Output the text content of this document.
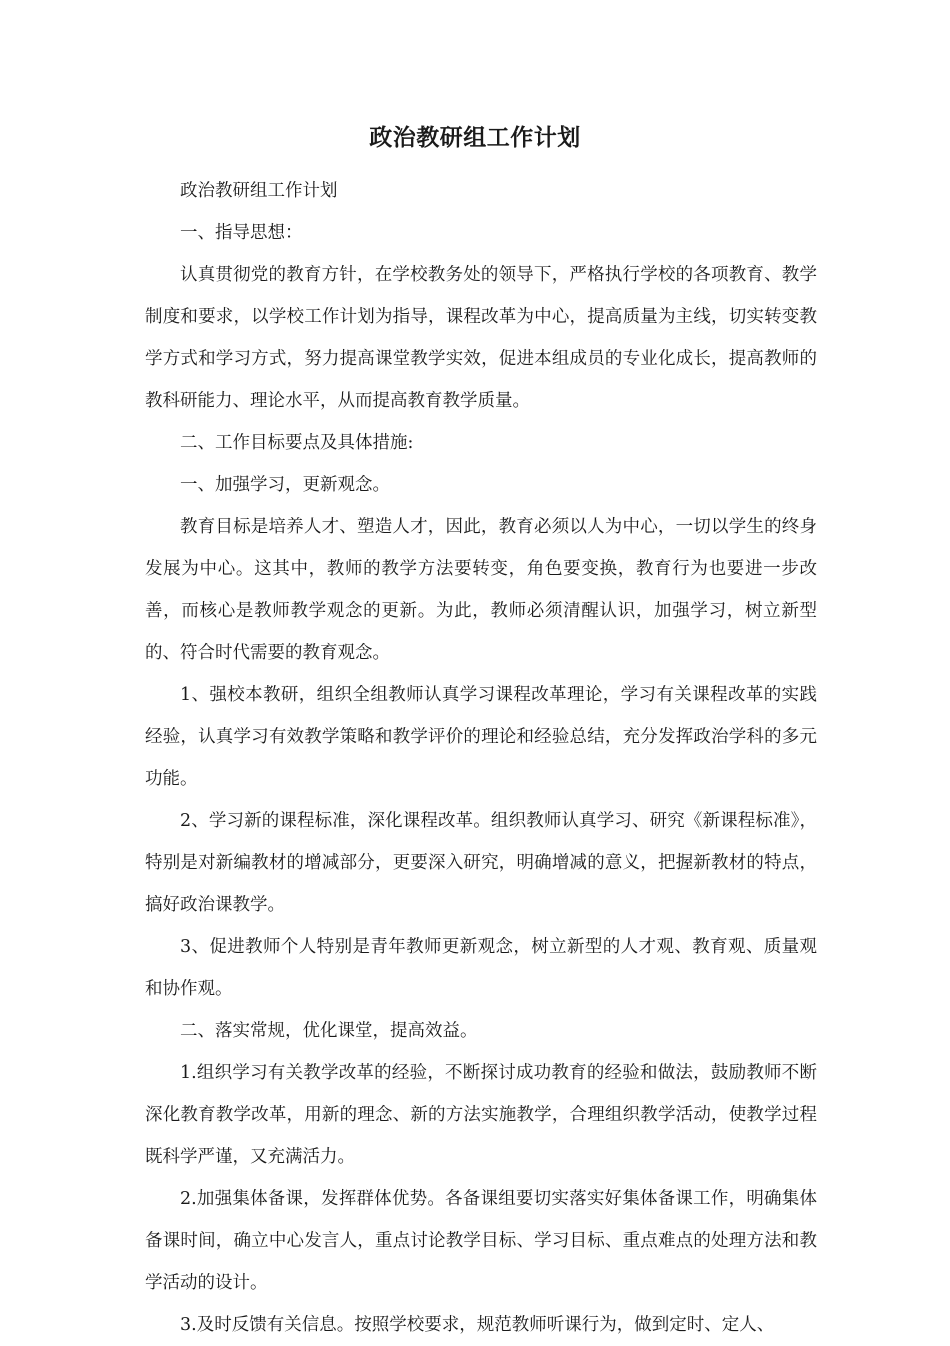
政治教研组工作计划

政治教研组工作计划

一、指导思想：

认真贯彻党的教育方针，在学校教务处的领导下，严格执行学校的各项教育、教学制度和要求，以学校工作计划为指导，课程改革为中心，提高质量为主线，切实转变教学方式和学习方式，努力提高课堂教学实效，促进本组成员的专业化成长，提高教师的教科研能力、理论水平，从而提高教育教学质量。

二、工作目标要点及具体措施:

一、加强学习，更新观念。

教育目标是培养人才、塑造人才，因此，教育必须以人为中心，一切以学生的终身发展为中心。这其中，教师的教学方法要转变，角色要变换，教育行为也要进一步改善，而核心是教师教学观念的更新。为此，教师必须清醒认识，加强学习，树立新型的、符合时代需要的教育观念。

1、强校本教研，组织全组教师认真学习课程改革理论，学习有关课程改革的实践经验，认真学习有效教学策略和教学评价的理论和经验总结，充分发挥政治学科的多元功能。

2、学习新的课程标准，深化课程改革。组织教师认真学习、研究《新课程标准》，特别是对新编教材的增减部分，更要深入研究，明确增减的意义，把握新教材的特点，搞好政治课教学。

3、促进教师个人特别是青年教师更新观念，树立新型的人才观、教育观、质量观和协作观。

二、落实常规，优化课堂，提高效益。

1.组织学习有关教学改革的经验，不断探讨成功教育的经验和做法，鼓励教师不断深化教育教学改革，用新的理念、新的方法实施教学，合理组织教学活动，使教学过程既科学严谨，又充满活力。

2.加强集体备课，发挥群体优势。各备课组要切实落实好集体备课工作，明确集体备课时间，确立中心发言人，重点讨论教学目标、学习目标、重点难点的处理方法和教学活动的设计。

3.及时反馈有关信息。按照学校要求，规范教师听课行为，做到定时、定人、
